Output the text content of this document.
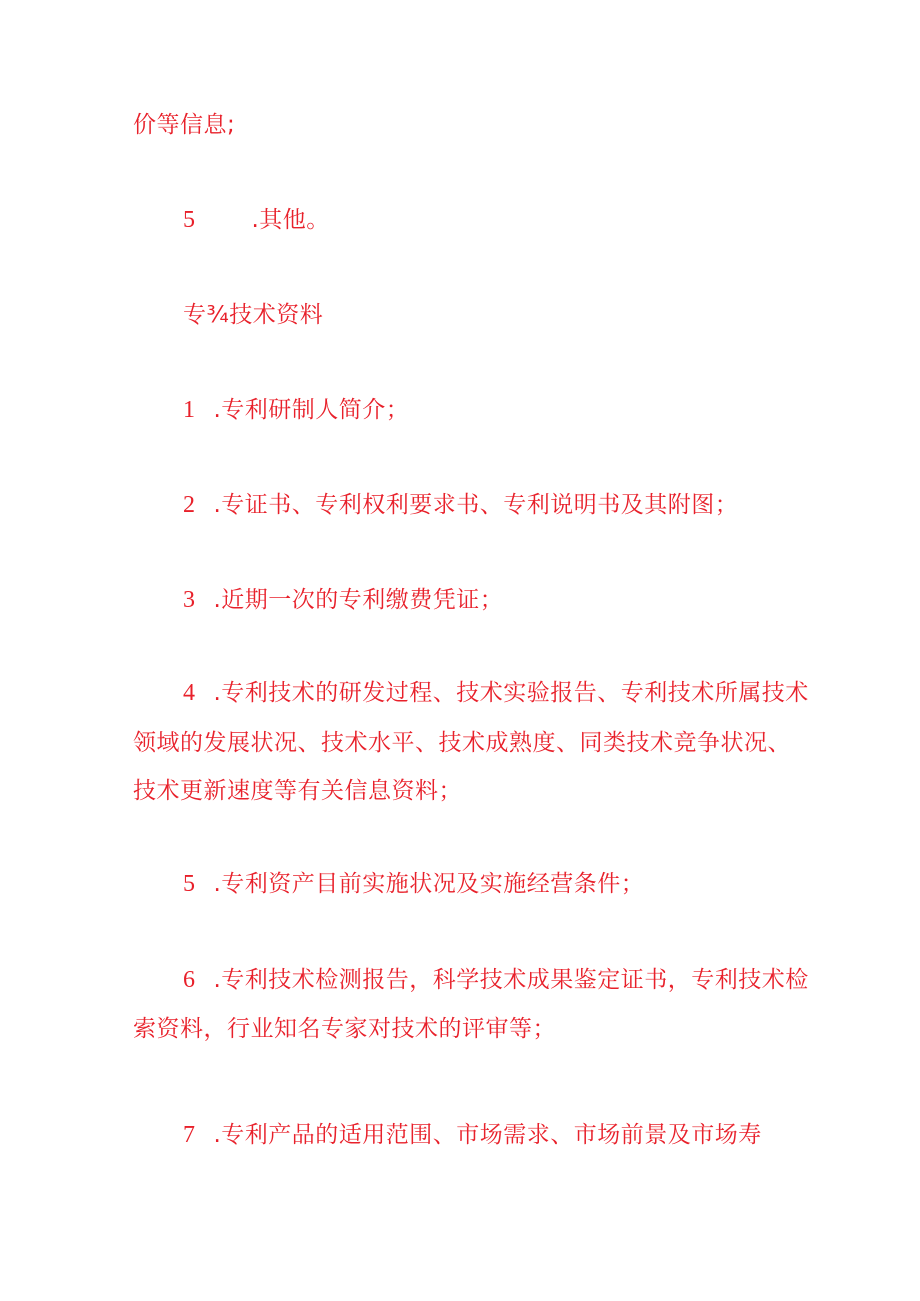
价等信息;
5 .其他。
专¾技术资料
1 .专利研制人简介；
2 .专证书、专利权利要求书、专利说明书及其附图；
3 .近期一次的专利缴费凭证；
4 .专利技术的研发过程、技术实验报告、专利技术所属技术
领域的发展状况、技术水平、技术成熟度、同类技术竞争状况、
技术更新速度等有关信息资料；
5 .专利资产目前实施状况及实施经营条件；
6 .专利技术检测报告，科学技术成果鉴定证书，专利技术检
索资料，行业知名专家对技术的评审等；
7 .专利产品的适用范围、市场需求、市场前景及市场寿
